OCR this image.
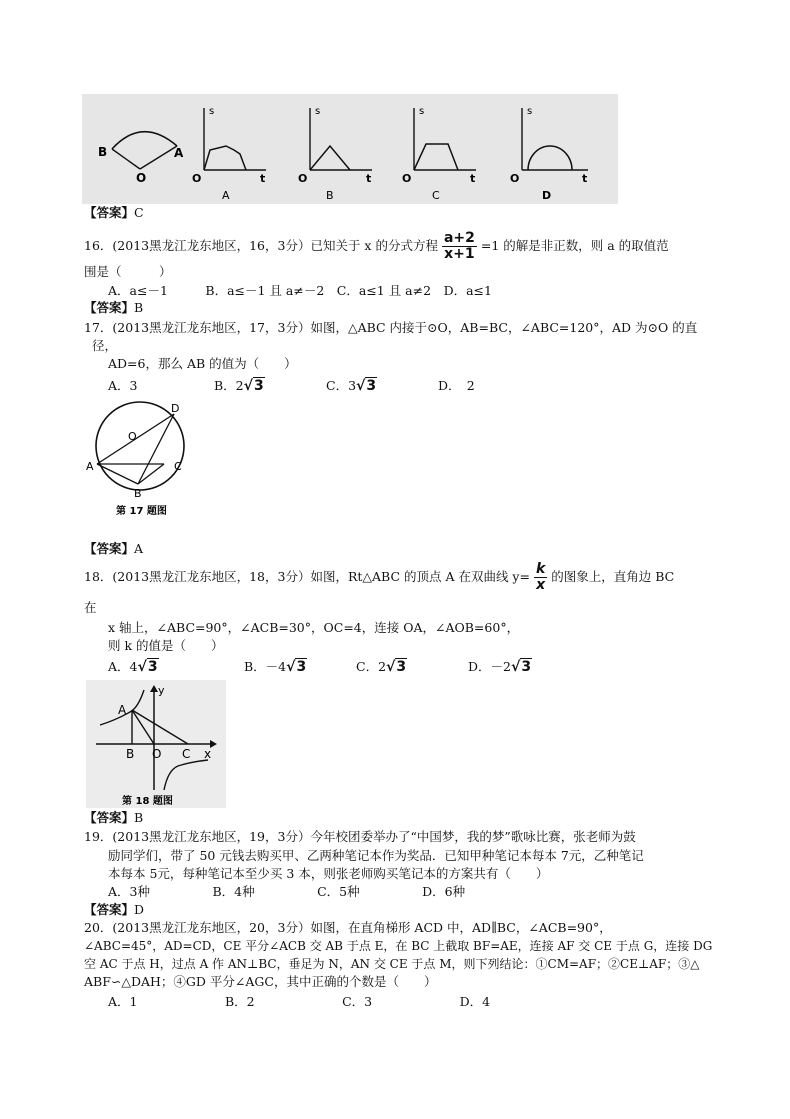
B	A
O
s
t
O
A
s
t
O
B
s
t
O
C
s
t
O
D
【答案】C
16．(2013黑龙江龙东地区，16，3分）已知关于 x 的分式方程 $\frac{a+2}{x+1} =1$ 的解是非正数，则 a 的取值范
围是（　　　）
A．a≤－1　　　B．a≤－1 且 a≠－2　C．a≤1 且 a≠2　D．a≤1
【答案】B
17．(2013黑龙江龙东地区，17，3分）如图，△ABC 内接于⊙O，AB=BC，∠ABC=120°，AD 为⊙O 的直
径，
AD=6，那么 AB 的值为（　　）
A．3	B．2√3	C．3√3	D．　2
D
O
A	C
B
第 17 题图
【答案】A
18．(2013黑龙江龙东地区，18，3分）如图，Rt△ABC 的顶点 A 在双曲线 $y= \frac{k}{x}$ 的图象上，直角边 BC
在
x 轴上，∠ABC=90°，∠ACB=30°，OC=4，连接 OA，∠AOB=60°，
则 k 的值是（　　）
A．4√3	B．－4√3	C．2√3	D．－2√3
y
A
B O C x
第 18 题图
【答案】B
19．(2013黑龙江龙东地区，19，3分）今年校团委举办了“中国梦，我的梦”歌咏比赛，张老师为鼓
励同学们，带了 50 元钱去购买甲、乙两种笔记本作为奖品．已知甲种笔记本每本 7元，乙种笔记
本每本 5元，每种笔记本至少买 3 本，则张老师购买笔记本的方案共有（　　）
A．3种　　　　　B．4种　　　　　C．5种　　　　　D．6种
【答案】D
20．(2013黑龙江龙东地区，20，3分）如图，在直角梯形 ACD 中，AD∥BC，∠ACB=90°，
∠ABC=45°，AD=CD，CE 平分∠ACB 交 AB 于点 E，在 BC 上截取 BF=AE，连接 AF 交 CE 于点 G，连接 DG
空 AC 于点 H，过点 A 作 AN⊥BC，垂足为 N，AN 交 CE 于点 M，则下列结论：①CM=AF；②CE⊥AF；③△
ABF∽△DAH；④GD 平分∠AGC，其中正确的个数是（　　）
A．1　　　　　　　B．2　　　　　　　C．3　　　　　　　D．4
